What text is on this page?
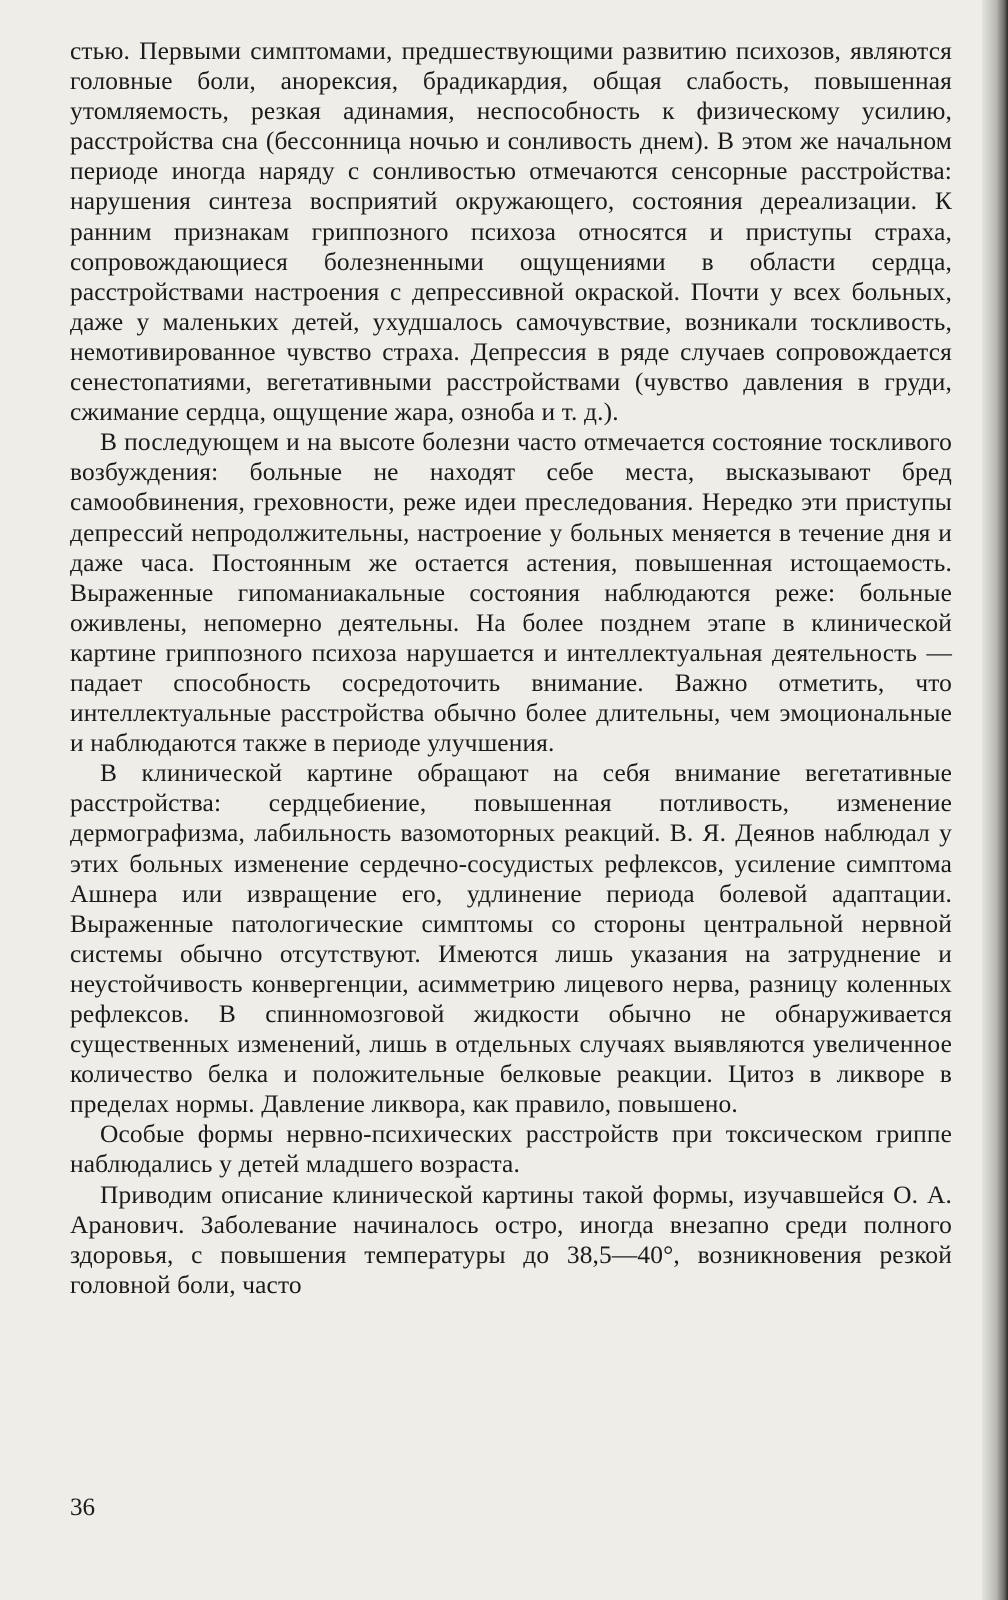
стью. Первыми симптомами, предшествующими развитию психозов, являются головные боли, анорексия, брадикардия, общая слабость, повышенная утомляемость, резкая адинамия, неспособность к физическому усилию, расстройства сна (бессонница ночью и сонливость днем). В этом же начальном периоде иногда наряду с сонливостью отмечаются сенсорные расстройства: нарушения синтеза восприятий окружающего, состояния дереализации. К ранним признакам гриппозного психоза относятся и приступы страха, сопровождающиеся болезненными ощущениями в области сердца, расстройствами настроения с депрессивной окраской. Почти у всех больных, даже у маленьких детей, ухудшалось самочувствие, возникали тоскливость, немотивированное чувство страха. Депрессия в ряде случаев сопровождается сенестопатиями, вегетативными расстройствами (чувство давления в груди, сжимание сердца, ощущение жара, озноба и т. д.).

В последующем и на высоте болезни часто отмечается состояние тоскливого возбуждения: больные не находят себе места, высказывают бред самообвинения, греховности, реже идеи преследования. Нередко эти приступы депрессий непродолжительны, настроение у больных меняется в течение дня и даже часа. Постоянным же остается астения, повышенная истощаемость. Выраженные гипоманиакальные состояния наблюдаются реже: больные оживлены, непомерно деятельны. На более позднем этапе в клинической картине гриппозного психоза нарушается и интеллектуальная деятельность — падает способность сосредоточить внимание. Важно отметить, что интеллектуальные расстройства обычно более длительны, чем эмоциональные и наблюдаются также в периоде улучшения.

В клинической картине обращают на себя внимание вегетативные расстройства: сердцебиение, повышенная потливость, изменение дермографизма, лабильность вазомоторных реакций. В. Я. Деянов наблюдал у этих больных изменение сердечно-сосудистых рефлексов, усиление симптома Ашнера или извращение его, удлинение периода болевой адаптации. Выраженные патологические симптомы со стороны центральной нервной системы обычно отсутствуют. Имеются лишь указания на затруднение и неустойчивость конвергенции, асимметрию лицевого нерва, разницу коленных рефлексов. В спинномозговой жидкости обычно не обнаруживается существенных изменений, лишь в отдельных случаях выявляются увеличенное количество белка и положительные белковые реакции. Цитоз в ликворе в пределах нормы. Давление ликвора, как правило, повышено.

Особые формы нервно-психических расстройств при токсическом гриппе наблюдались у детей младшего возраста.

Приводим описание клинической картины такой формы, изучавшейся О. А. Аранович. Заболевание начиналось остро, иногда внезапно среди полного здоровья, с повышения температуры до 38,5—40°, возникновения резкой головной боли, часто

36
